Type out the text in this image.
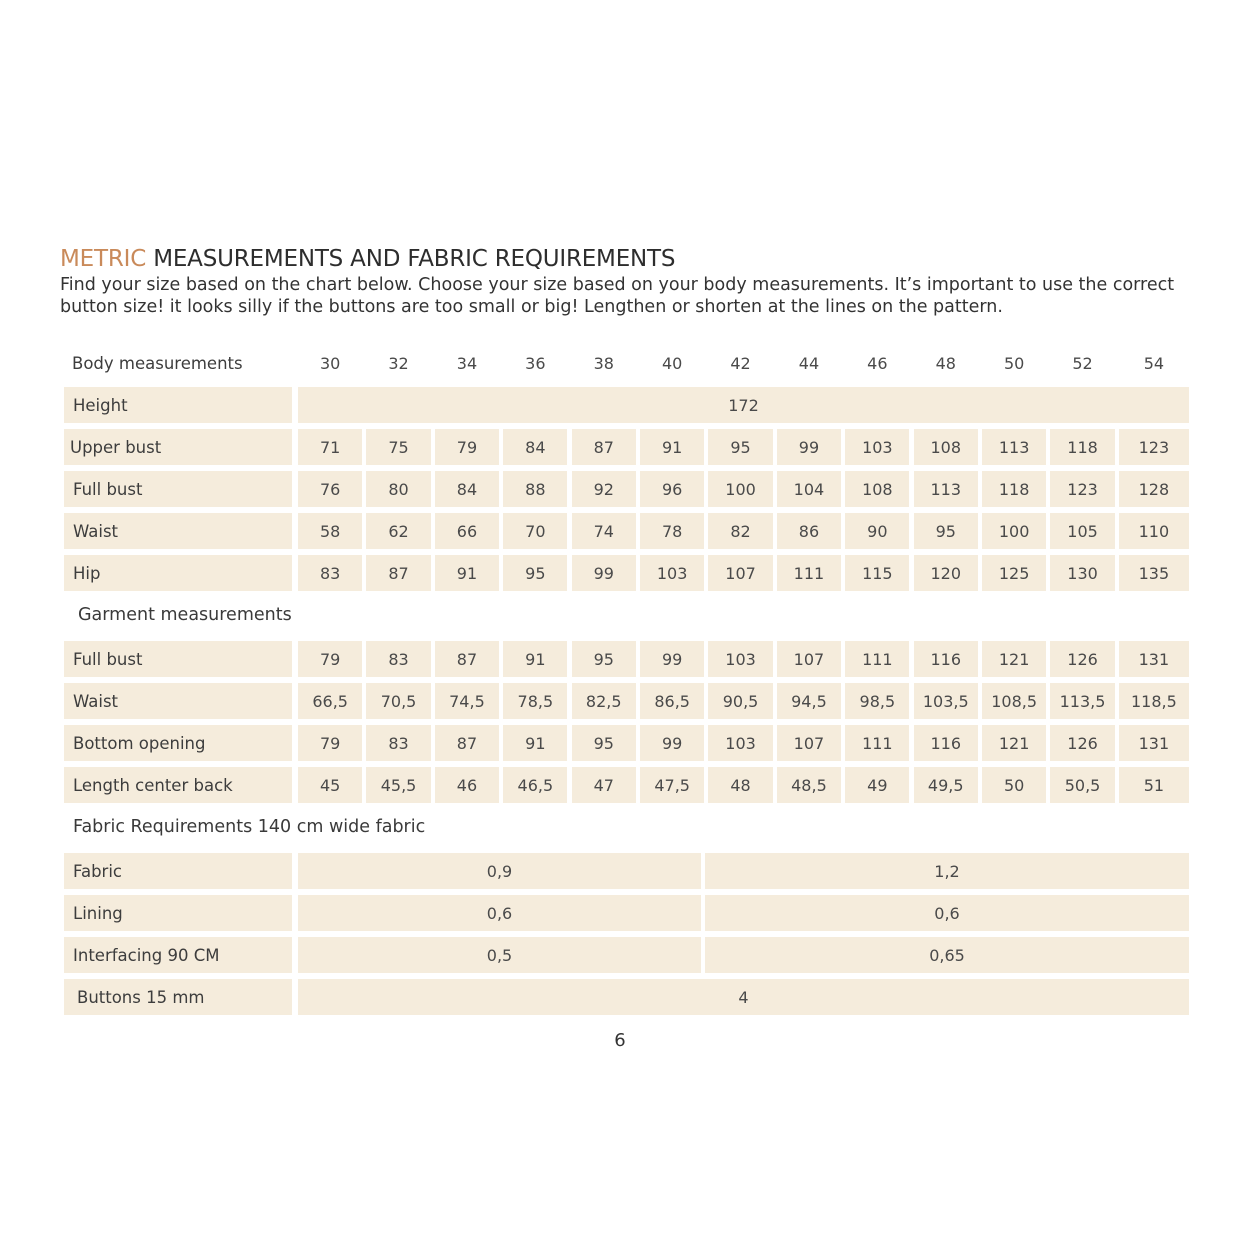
METRIC MEASUREMENTS AND FABRIC REQUIREMENTS
Find your size based on the chart below. Choose your size based on your body measurements. It’s important to use the correct button size! it looks silly if the buttons are too small or big! Lengthen or shorten at the lines on the pattern.
Body measurements	30	32	34	36	38	40	42	44	46	48	50	52	54
Height	172
Upper bust	71	75	79	84	87	91	95	99	103	108	113	118	123
Full bust	76	80	84	88	92	96	100	104	108	113	118	123	128
Waist	58	62	66	70	74	78	82	86	90	95	100	105	110
Hip	83	87	91	95	99	103	107	111	115	120	125	130	135
Garment measurements
Full bust	79	83	87	91	95	99	103	107	111	116	121	126	131
Waist	66,5	70,5	74,5	78,5	82,5	86,5	90,5	94,5	98,5	103,5	108,5	113,5	118,5
Bottom opening	79	83	87	91	95	99	103	107	111	116	121	126	131
Length center back	45	45,5	46	46,5	47	47,5	48	48,5	49	49,5	50	50,5	51
Fabric Requirements 140 cm wide fabric
Fabric	0,9	1,2
Lining	0,6	0,6
Interfacing 90 CM	0,5	0,65
Buttons 15 mm	4
6
